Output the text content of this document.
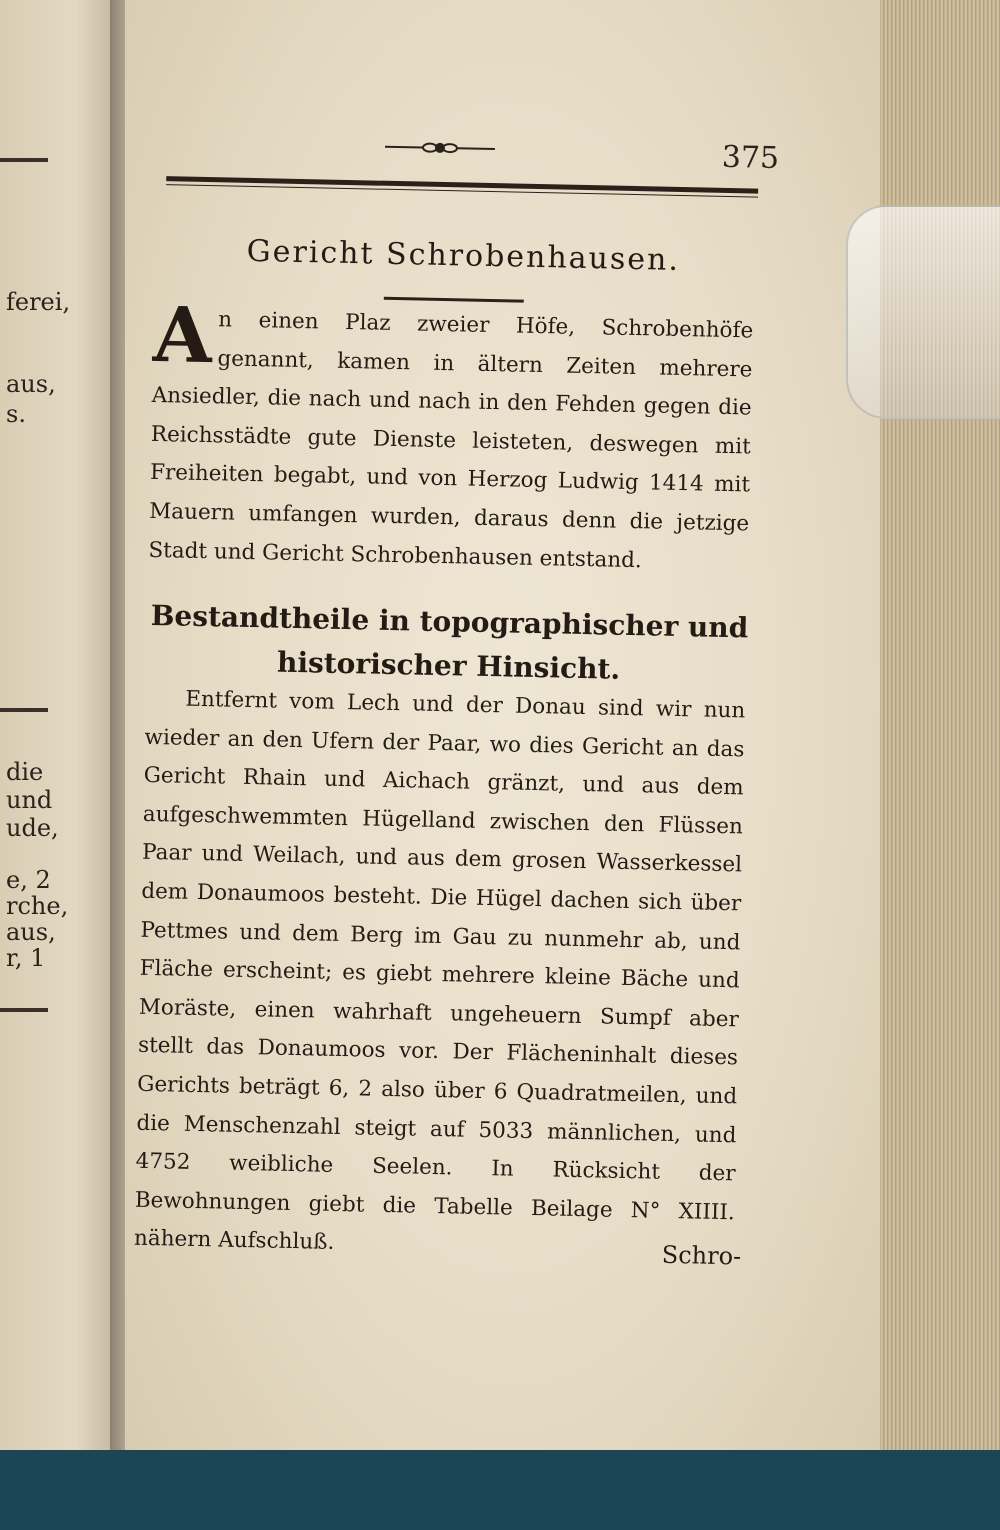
ferei,
aus,
s.
die
und
ude,
e, 2
rche,
aus,
r, 1
375
Gericht Schrobenhausen.
An einen Plaz zweier Höfe, Schrobenhöfe genannt, kamen in ältern Zeiten mehrere Ansiedler, die nach und nach in den Fehden gegen die Reichsstädte gute Dienste leisteten, deswegen mit Freiheiten begabt, und von Herzog Ludwig 1414 mit Mauern umfangen wurden, daraus denn die jetzige Stadt und Gericht Schrobenhausen entstand.
Bestandtheile in topographischer und historischer Hinsicht.
Entfernt vom Lech und der Donau sind wir nun wieder an den Ufern der Paar, wo dies Gericht an das Gericht Rhain und Aichach gränzt, und aus dem aufgeschwemmten Hügelland zwischen den Flüssen Paar und Weilach, und aus dem grosen Wasserkessel dem Donaumoos besteht. Die Hügel dachen sich über Pettmes und dem Berg im Gau zu nunmehr ab, und Fläche erscheint; es giebt mehrere kleine Bäche und Moräste, einen wahrhaft ungeheuern Sumpf aber stellt das Donaumoos vor. Der Flächeninhalt dieses Gerichts beträgt 6, 2 also über 6 Quadratmeilen, und die Menschenzahl steigt auf 5033 männlichen, und 4752 weibliche Seelen. In Rücksicht der Bewohnungen giebt die Tabelle Beilage N° XIIII. nähern Aufschluß.
Schro-
